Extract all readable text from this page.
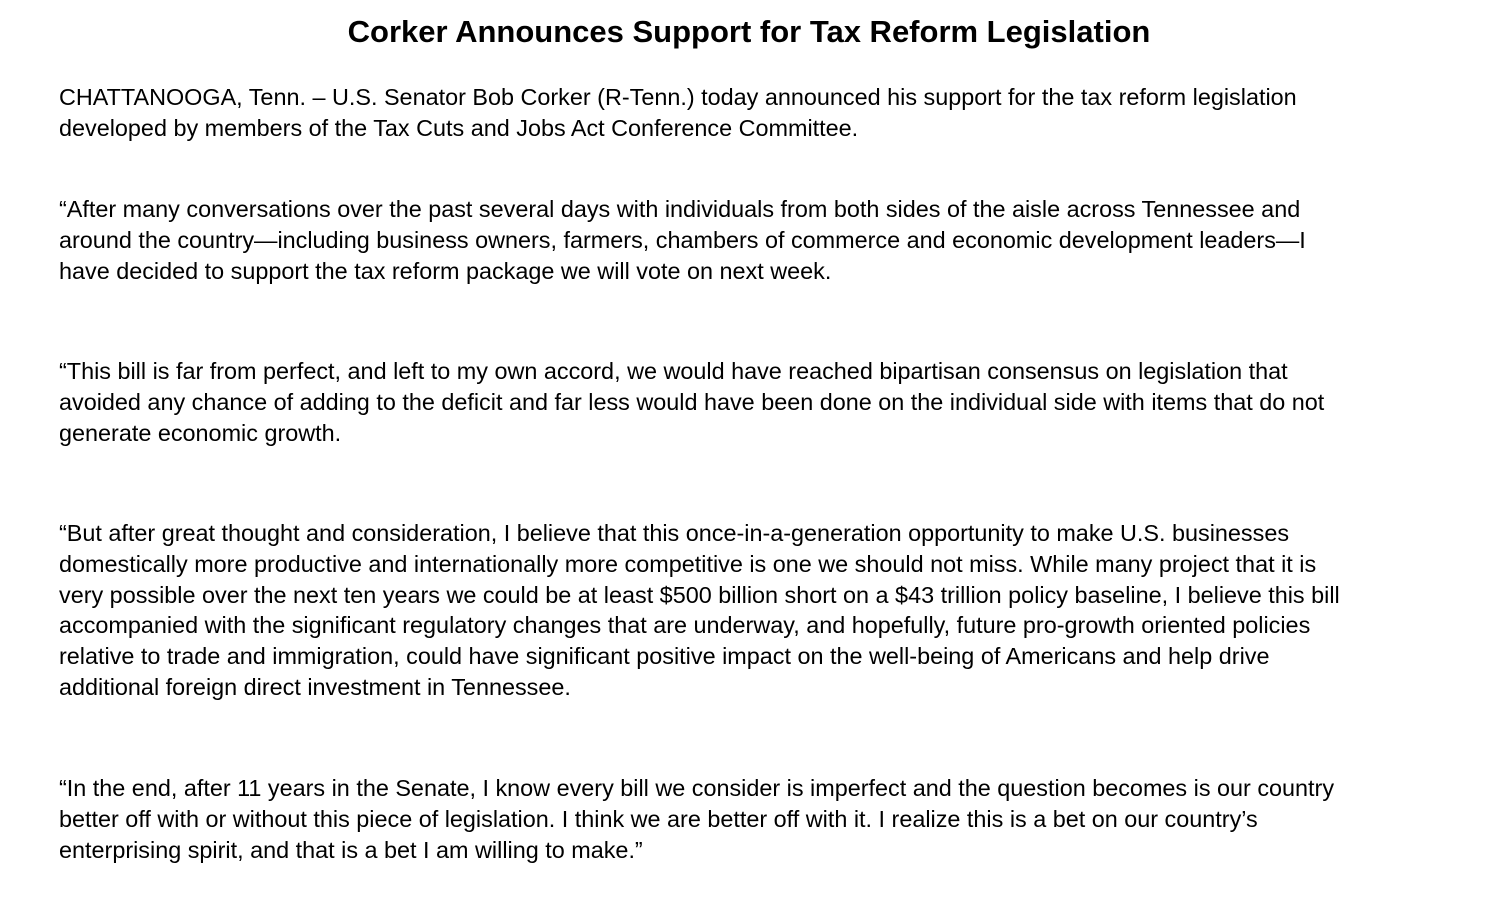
Corker Announces Support for Tax Reform Legislation

CHATTANOOGA, Tenn. – U.S. Senator Bob Corker (R-Tenn.) today announced his support for the tax reform legislation
developed by members of the Tax Cuts and Jobs Act Conference Committee.

“After many conversations over the past several days with individuals from both sides of the aisle across Tennessee and
around the country—including business owners, farmers, chambers of commerce and economic development leaders—I
have decided to support the tax reform package we will vote on next week.

“This bill is far from perfect, and left to my own accord, we would have reached bipartisan consensus on legislation that
avoided any chance of adding to the deficit and far less would have been done on the individual side with items that do not
generate economic growth.

“But after great thought and consideration, I believe that this once-in-a-generation opportunity to make U.S. businesses
domestically more productive and internationally more competitive is one we should not miss. While many project that it is
very possible over the next ten years we could be at least $500 billion short on a $43 trillion policy baseline, I believe this bill
accompanied with the significant regulatory changes that are underway, and hopefully, future pro-growth oriented policies
relative to trade and immigration, could have significant positive impact on the well-being of Americans and help drive
additional foreign direct investment in Tennessee.

“In the end, after 11 years in the Senate, I know every bill we consider is imperfect and the question becomes is our country
better off with or without this piece of legislation. I think we are better off with it. I realize this is a bet on our country’s
enterprising spirit, and that is a bet I am willing to make.”
